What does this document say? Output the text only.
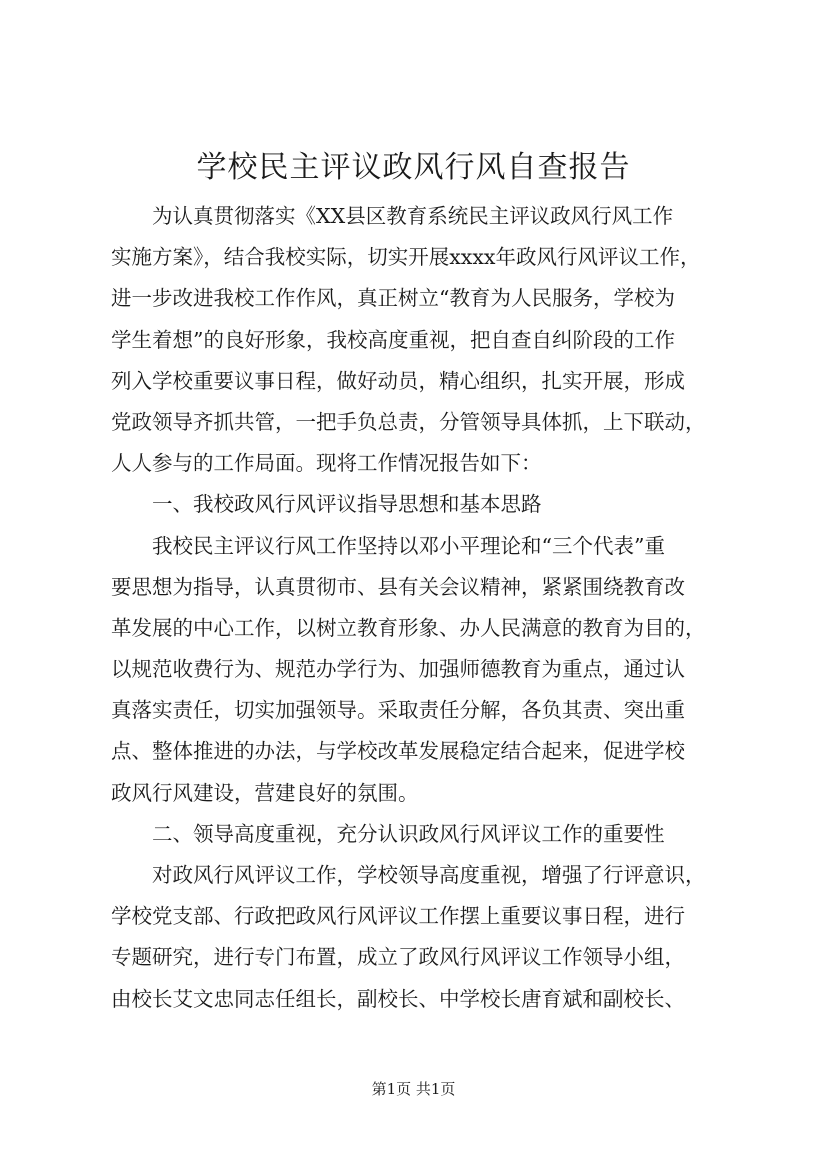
学校民主评议政风行风自查报告
为认真贯彻落实《XX县区教育系统民主评议政风行风工作
实施方案》，结合我校实际，切实开展xxxx年政风行风评议工作，
进一步改进我校工作作风，真正树立“教育为人民服务，学校为
学生着想”的良好形象，我校高度重视，把自查自纠阶段的工作
列入学校重要议事日程，做好动员，精心组织，扎实开展，形成
党政领导齐抓共管，一把手负总责，分管领导具体抓，上下联动，
人人参与的工作局面。现将工作情况报告如下：
一、我校政风行风评议指导思想和基本思路
我校民主评议行风工作坚持以邓小平理论和“三个代表”重
要思想为指导，认真贯彻市、县有关会议精神，紧紧围绕教育改
革发展的中心工作，以树立教育形象、办人民满意的教育为目的，
以规范收费行为、规范办学行为、加强师德教育为重点，通过认
真落实责任，切实加强领导。采取责任分解，各负其责、突出重
点、整体推进的办法，与学校改革发展稳定结合起来，促进学校
政风行风建设，营建良好的氛围。
二、领导高度重视，充分认识政风行风评议工作的重要性
对政风行风评议工作，学校领导高度重视，增强了行评意识，
学校党支部、行政把政风行风评议工作摆上重要议事日程，进行
专题研究，进行专门布置，成立了政风行风评议工作领导小组，
由校长艾文忠同志任组长，副校长、中学校长唐育斌和副校长、
第1页 共1页
